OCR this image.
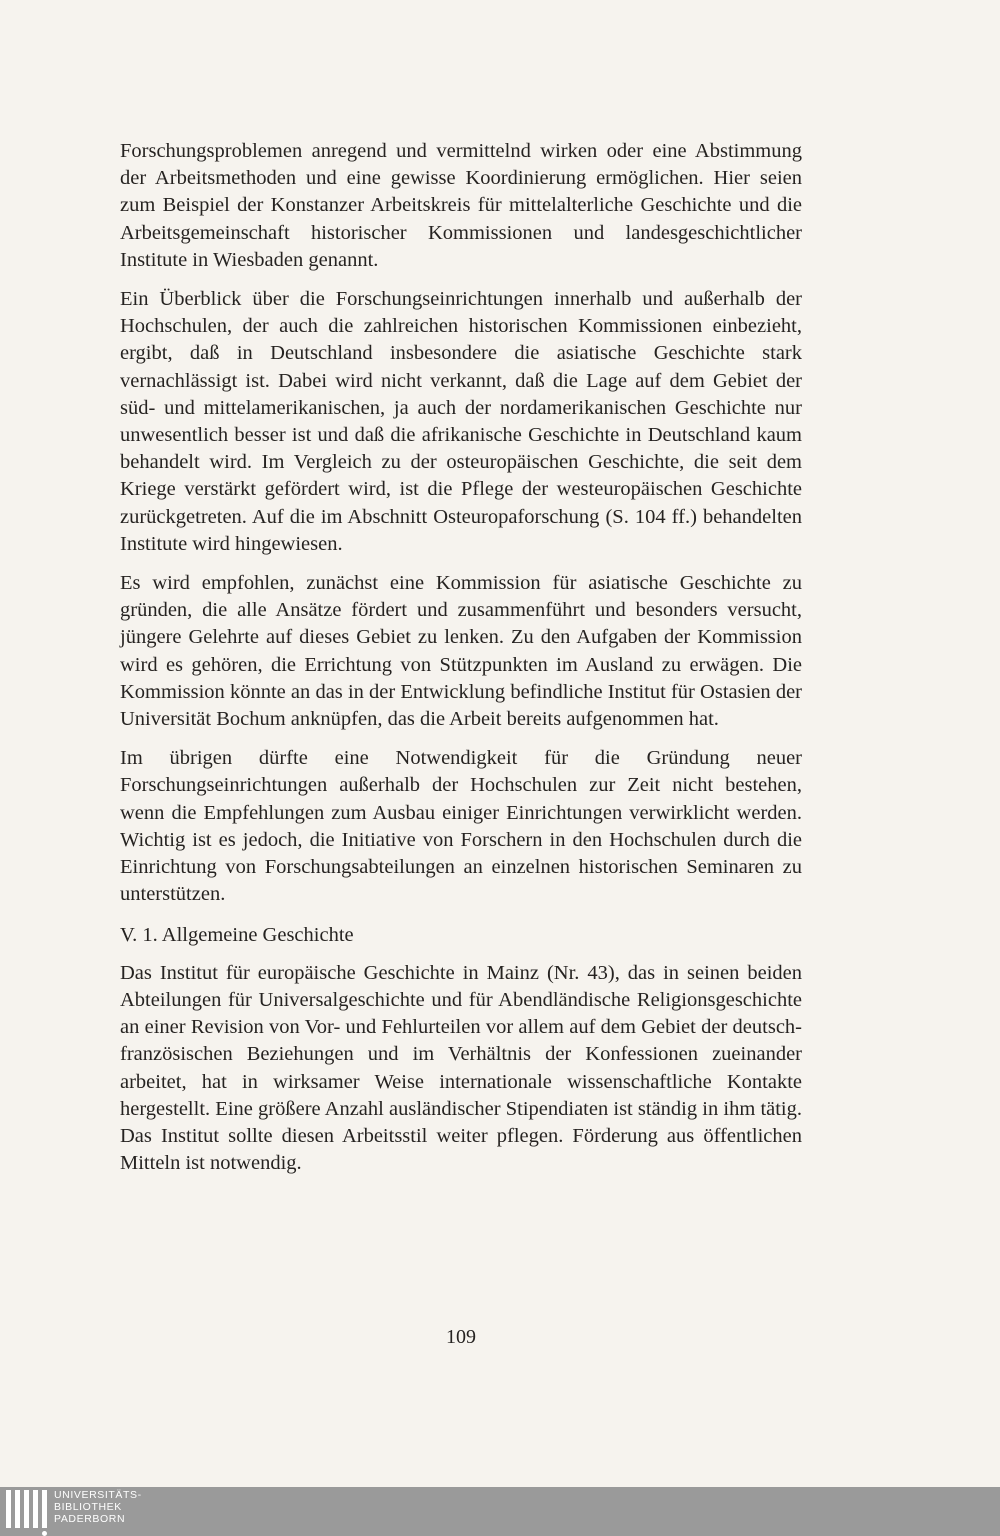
Forschungsproblemen anregend und vermittelnd wirken oder eine Abstimmung der Arbeitsmethoden und eine gewisse Koordinierung ermöglichen. Hier seien zum Beispiel der Konstanzer Arbeitskreis für mittelalterliche Geschichte und die Arbeitsgemeinschaft historischer Kommissionen und landesgeschichtlicher Institute in Wiesbaden genannt.

Ein Überblick über die Forschungseinrichtungen innerhalb und außerhalb der Hochschulen, der auch die zahlreichen historischen Kommissionen einbezieht, ergibt, daß in Deutschland insbesondere die asiatische Geschichte stark vernachlässigt ist. Dabei wird nicht verkannt, daß die Lage auf dem Gebiet der süd- und mittelamerikanischen, ja auch der nordamerikanischen Geschichte nur unwesentlich besser ist und daß die afrikanische Geschichte in Deutschland kaum behandelt wird. Im Vergleich zu der osteuropäischen Geschichte, die seit dem Kriege verstärkt gefördert wird, ist die Pflege der westeuropäischen Geschichte zurückgetreten. Auf die im Abschnitt Osteuropaforschung (S. 104 ff.) behandelten Institute wird hingewiesen.

Es wird empfohlen, zunächst eine Kommission für asiatische Geschichte zu gründen, die alle Ansätze fördert und zusammenführt und besonders versucht, jüngere Gelehrte auf dieses Gebiet zu lenken. Zu den Aufgaben der Kommission wird es gehören, die Errichtung von Stützpunkten im Ausland zu erwägen. Die Kommission könnte an das in der Entwicklung befindliche Institut für Ostasien der Universität Bochum anknüpfen, das die Arbeit bereits aufgenommen hat.

Im übrigen dürfte eine Notwendigkeit für die Gründung neuer Forschungseinrichtungen außerhalb der Hochschulen zur Zeit nicht bestehen, wenn die Empfehlungen zum Ausbau einiger Einrichtungen verwirklicht werden. Wichtig ist es jedoch, die Initiative von Forschern in den Hochschulen durch die Einrichtung von Forschungsabteilungen an einzelnen historischen Seminaren zu unterstützen.

V. 1. Allgemeine Geschichte

Das Institut für europäische Geschichte in Mainz (Nr. 43), das in seinen beiden Abteilungen für Universalgeschichte und für Abendländische Religionsgeschichte an einer Revision von Vor- und Fehlurteilen vor allem auf dem Gebiet der deutsch-französischen Beziehungen und im Verhältnis der Konfessionen zueinander arbeitet, hat in wirksamer Weise internationale wissenschaftliche Kontakte hergestellt. Eine größere Anzahl ausländischer Stipendiaten ist ständig in ihm tätig. Das Institut sollte diesen Arbeitsstil weiter pflegen. Förderung aus öffentlichen Mitteln ist notwendig.

109
UNIVERSITÄTS-
BIBLIOTHEK
PADERBORN
